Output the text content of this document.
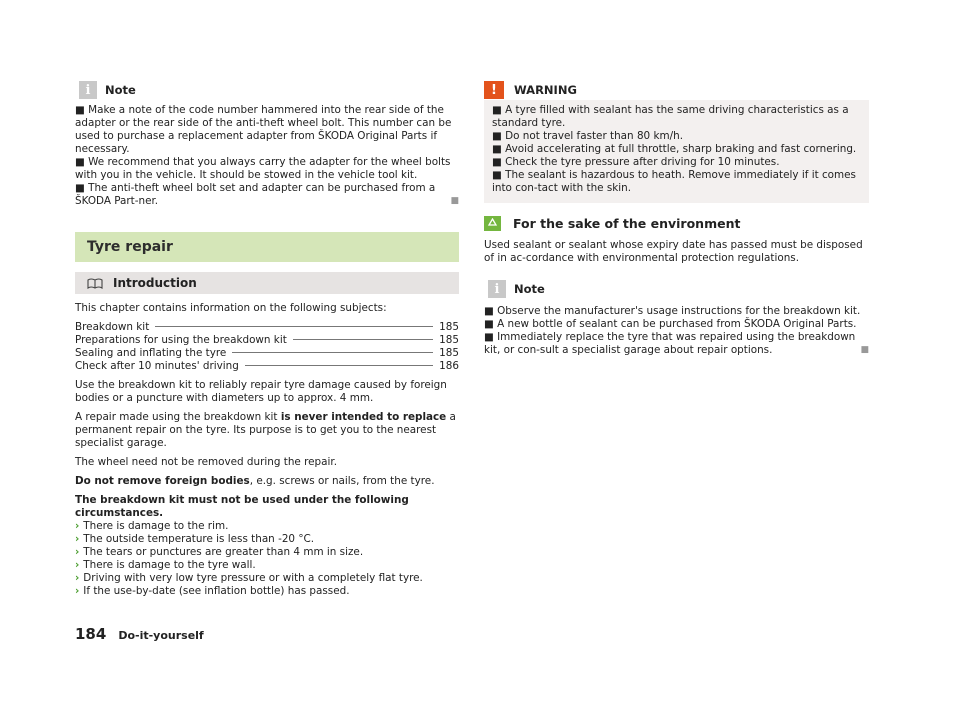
i	Note

■ Make a note of the code number hammered into the rear side of the adapter or the rear side of the anti-theft wheel bolt. This number can be used to purchase a replacement adapter from ŠKODA Original Parts if necessary.

■ We recommend that you always carry the adapter for the wheel bolts with you in the vehicle. It should be stowed in the vehicle tool kit.

■ The anti-theft wheel bolt set and adapter can be purchased from a ŠKODA Part-ner.	■

Tyre repair
Introduction

This chapter contains information on the following subjects:

Breakdown kit	185
Preparations for using the breakdown kit	185
Sealing and inflating the tyre	185
Check after 10 minutes' driving	186

Use the breakdown kit to reliably repair tyre damage caused by foreign bodies or a puncture with diameters up to approx. 4 mm.

A repair made using the breakdown kit is never intended to replace a permanent repair on the tyre. Its purpose is to get you to the nearest specialist garage.

The wheel need not be removed during the repair.

Do not remove foreign bodies, e.g. screws or nails, from the tyre.

The breakdown kit must not be used under the following circumstances.

› There is damage to the rim.
› The outside temperature is less than -20 °C.
› The tears or punctures are greater than 4 mm in size.
› There is damage to the tyre wall.
› Driving with very low tyre pressure or with a completely flat tyre.
› If the use-by-date (see inflation bottle) has passed.
!	WARNING
■ A tyre filled with sealant has the same driving characteristics as a standard tyre.
■ Do not travel faster than 80 km/h.
■ Avoid accelerating at full throttle, sharp braking and fast cornering.
■ Check the tyre pressure after driving for 10 minutes.
■ The sealant is hazardous to heath. Remove immediately if it comes into con-tact with the skin.
For the sake of the environment

Used sealant or sealant whose expiry date has passed must be disposed of in ac-cordance with environmental protection regulations.

i	Note
■ Observe the manufacturer's usage instructions for the breakdown kit.
■ A new bottle of sealant can be purchased from ŠKODA Original Parts.
■ Immediately replace the tyre that was repaired using the breakdown kit, or con-sult a specialist garage about repair options.	■
184 Do-it-yourself
